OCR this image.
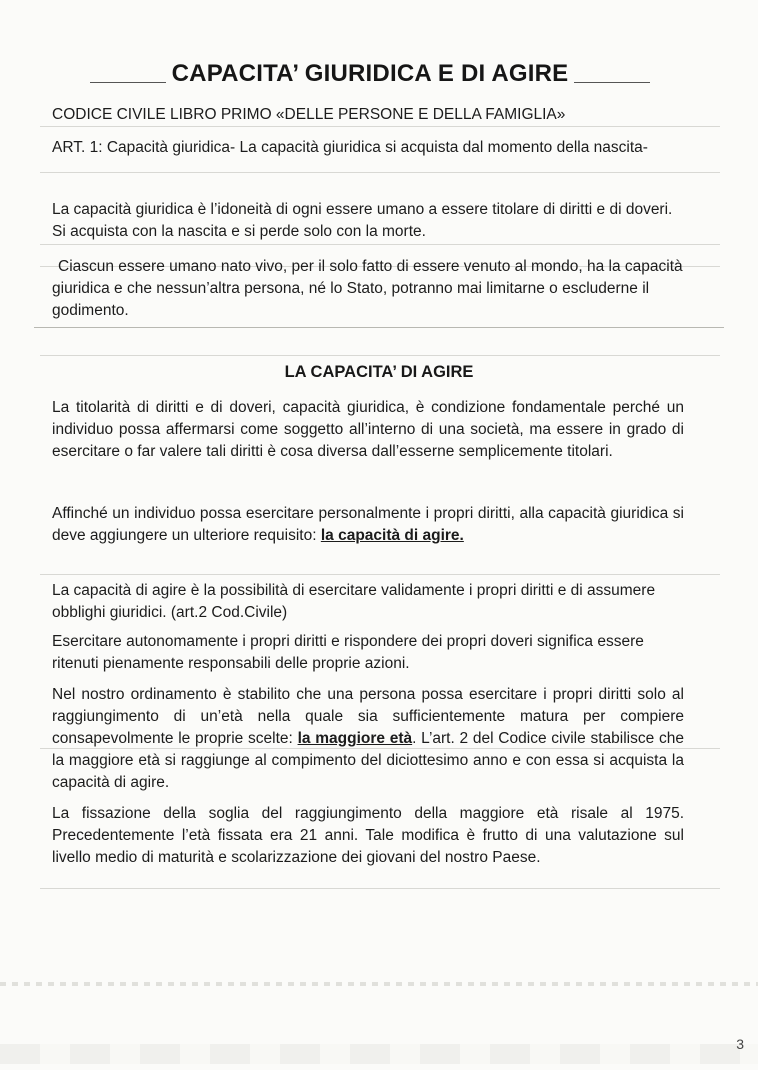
CAPACITA’ GIURIDICA E DI AGIRE

CODICE CIVILE LIBRO PRIMO «DELLE PERSONE E DELLA FAMIGLIA»

ART. 1: Capacità giuridica- La capacità giuridica si acquista dal momento della nascita-

La capacità giuridica è l’idoneità di ogni essere umano a essere titolare di diritti e di doveri. Si acquista con la nascita e si perde solo con la morte.

Ciascun essere umano nato vivo, per il solo fatto di essere venuto al mondo, ha la capacità giuridica e che nessun’altra persona, né lo Stato, potranno mai limitarne o escluderne il godimento.

LA CAPACITA’ DI AGIRE

La titolarità di diritti e di doveri, capacità giuridica, è condizione fondamentale perché un individuo possa affermarsi come soggetto all’interno di una società, ma essere in grado di esercitare o far valere tali diritti è cosa diversa dall’esserne semplicemente titolari.

Affinché un individuo possa esercitare personalmente i propri diritti, alla capacità giuridica si deve aggiungere un ulteriore requisito: la capacità di agire.

La capacità di agire è la possibilità di esercitare validamente i propri diritti e di assumere obblighi giuridici. (art.2 Cod.Civile)

Esercitare autonomamente i propri diritti e rispondere dei propri doveri significa essere ritenuti pienamente responsabili delle proprie azioni.

Nel nostro ordinamento è stabilito che una persona possa esercitare i propri diritti solo al raggiungimento di un’età nella quale sia sufficientemente matura per compiere consapevolmente le proprie scelte: la maggiore età. L’art. 2 del Codice civile stabilisce che la maggiore età si raggiunge al compimento del diciottesimo anno e con essa si acquista la capacità di agire.

La fissazione della soglia del raggiungimento della maggiore età risale al 1975. Precedentemente l’età fissata era 21 anni. Tale modifica è frutto di una valutazione sul livello medio di maturità e scolarizzazione dei giovani del nostro Paese.

3
